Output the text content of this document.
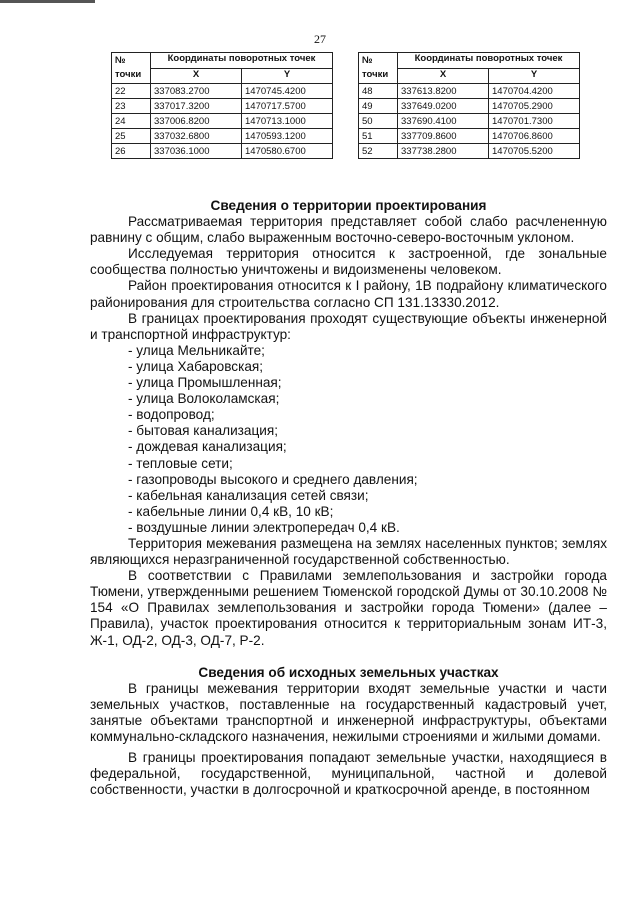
27
№ точки	Координаты поворотных точек	
	X	Y
22	337083.2700	1470745.4200
23	337017.3200	1470717.5700
24	337006.8200	1470713.1000
25	337032.6800	1470593.1200
26	337036.1000	1470580.6700
№ точки	Координаты поворотных точек	
	X	Y
48	337613.8200	1470704.4200
49	337649.0200	1470705.2900
50	337690.4100	1470701.7300
51	337709.8600	1470706.8600
52	337738.2800	1470705.5200
Сведения о территории проектирования

Рассматриваемая территория представляет собой слабо расчлененную равнину с общим, слабо выраженным восточно-северо-восточным уклоном.

Исследуемая территория относится к застроенной, где зональные сообщества полностью уничтожены и видоизменены человеком.

Район проектирования относится к I району, 1В подрайону климатического районирования для строительства согласно СП 131.13330.2012.

В границах проектирования проходят существующие объекты инженерной и транспортной инфраструктур:

- улица Мельникайте;
- улица Хабаровская;
- улица Промышленная;
- улица Волоколамская;
- водопровод;
- бытовая канализация;
- дождевая канализация;
- тепловые сети;
- газопроводы высокого и среднего давления;
- кабельная канализация сетей связи;
- кабельные линии 0,4 кВ, 10 кВ;
- воздушные линии электропередач 0,4 кВ.

Территория межевания размещена на землях населенных пунктов; землях являющихся неразграниченной государственной собственностью.

В соответствии с Правилами землепользования и застройки города Тюмени, утвержденными решением Тюменской городской Думы от 30.10.2008 № 154 «О Правилах землепользования и застройки города Тюмени» (далее – Правила), участок проектирования относится к территориальным зонам ИТ-3, Ж-1, ОД-2, ОД-3, ОД-7, Р-2.

Сведения об исходных земельных участках

В границы межевания территории входят земельные участки и части земельных участков, поставленные на государственный кадастровый учет, занятые объектами транспортной и инженерной инфраструктуры, объектами коммунально-складского назначения, нежилыми строениями и жилыми домами.

В границы проектирования попадают земельные участки, находящиеся в федеральной, государственной, муниципальной, частной и долевой собственности, участки в долгосрочной и краткосрочной аренде, в постоянном
